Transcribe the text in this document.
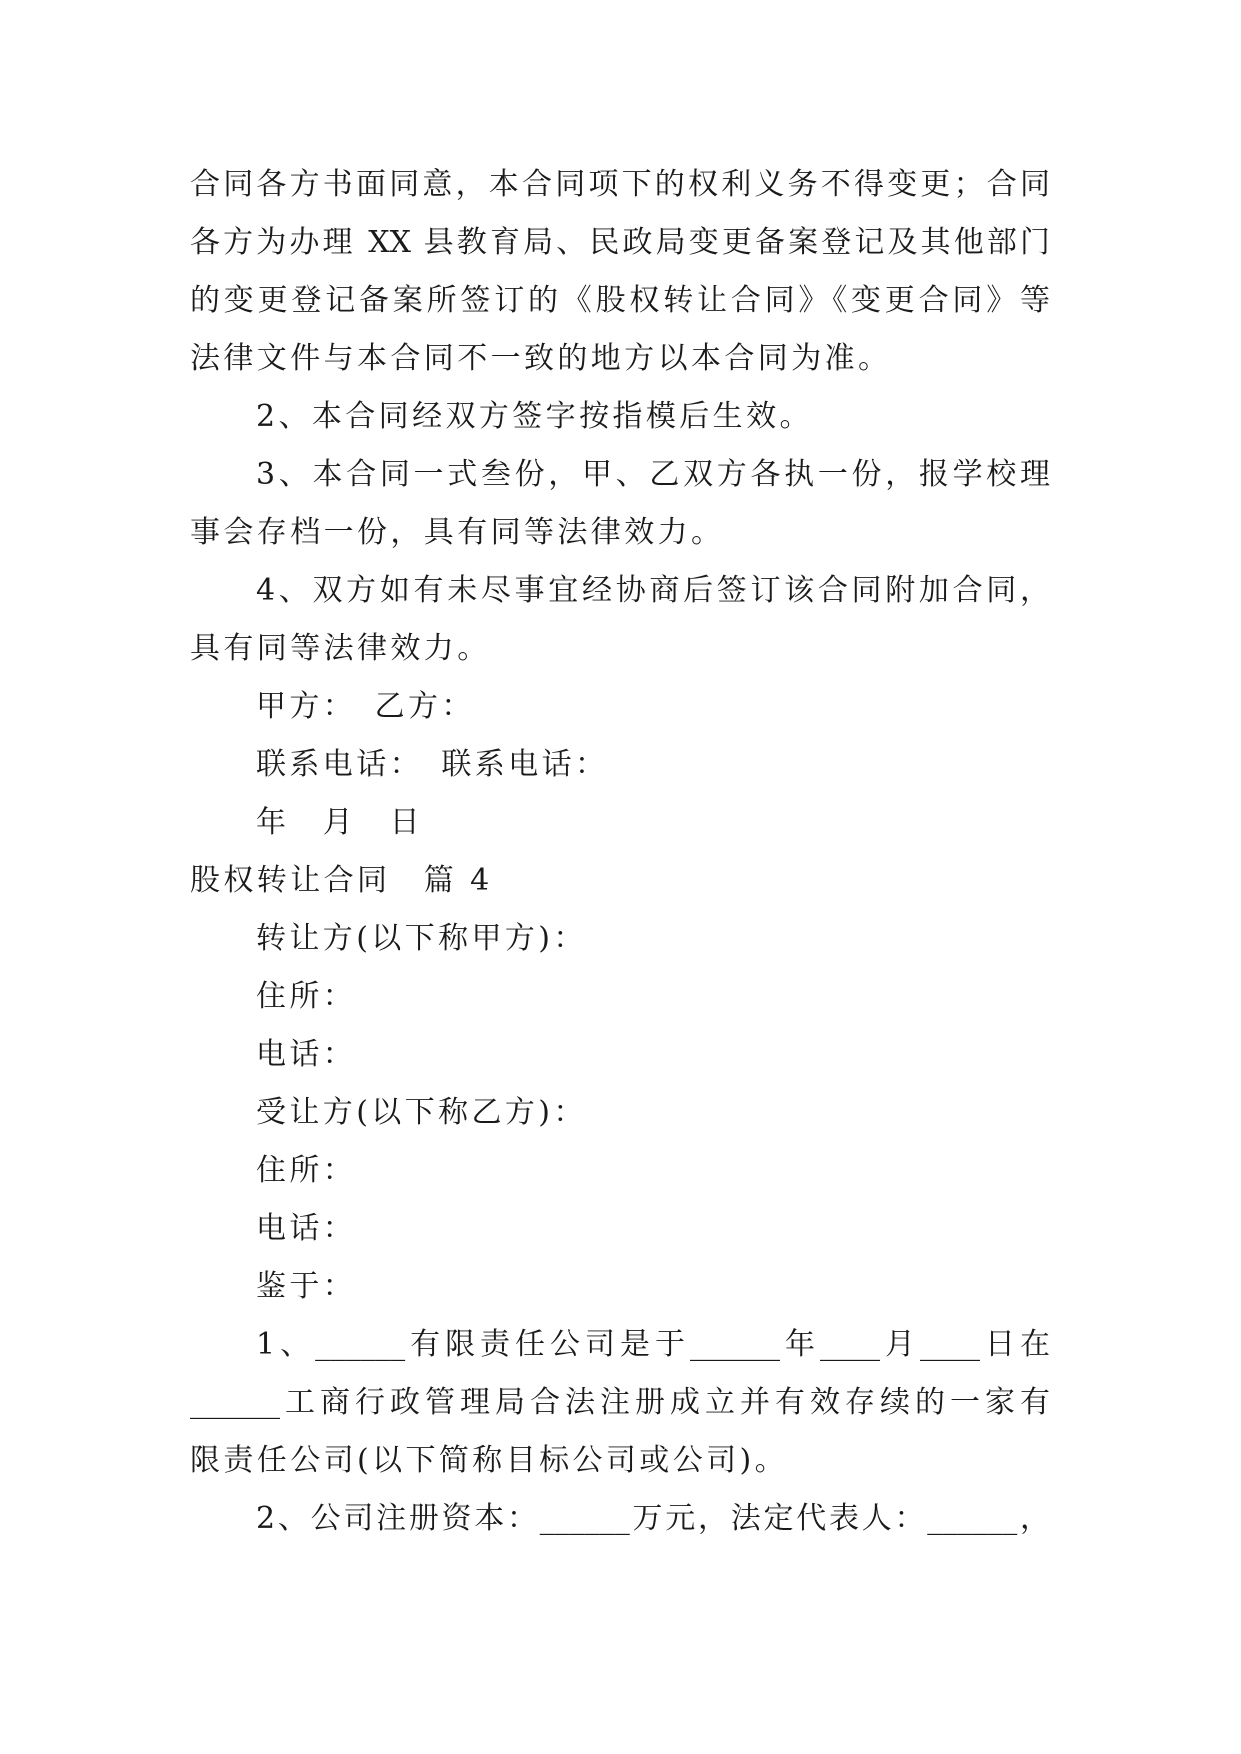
合同各方书面同意，本合同项下的权利义务不得变更；合同
各方为办理 XX 县教育局、民政局变更备案登记及其他部门
的变更登记备案所签订的《股权转让合同》《变更合同》等
法律文件与本合同不一致的地方以本合同为准。
2、本合同经双方签字按指模后生效。
3、本合同一式叁份，甲、乙双方各执一份，报学校理
事会存档一份，具有同等法律效力。
4、双方如有未尽事宜经协商后签订该合同附加合同，
具有同等法律效力。
甲方：　乙方：
联系电话：　联系电话：
年　月　日
股权转让合同　篇 4
转让方(以下称甲方)：
住所：
电话：
受让方(以下称乙方)：
住所：
电话：
鉴于：
1、______有限责任公司是于______年____月____日在
______工商行政管理局合法注册成立并有效存续的一家有
限责任公司(以下简称目标公司或公司)。
2、公司注册资本：______万元，法定代表人：______，
